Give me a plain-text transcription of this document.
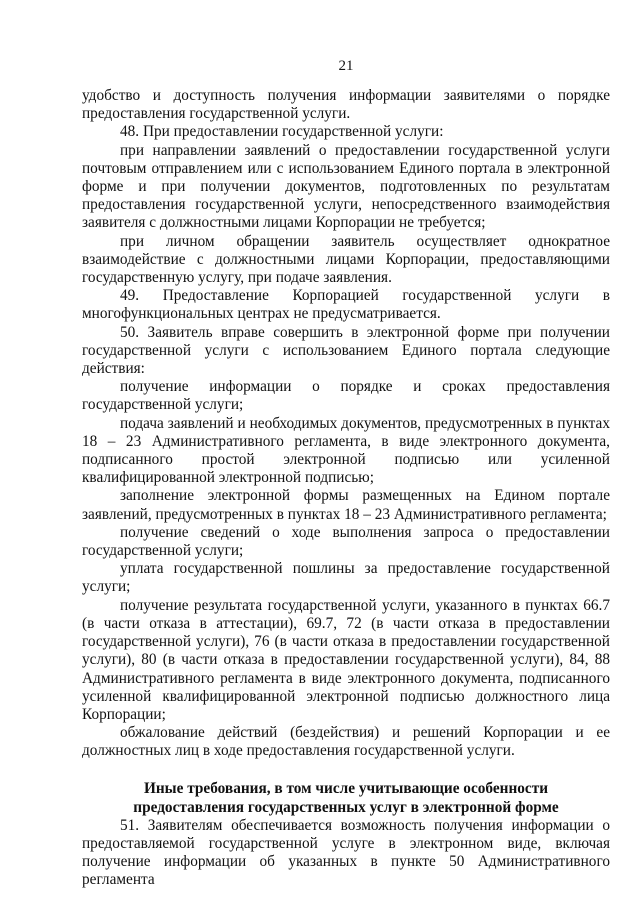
21

удобство и доступность получения информации заявителями о порядке предоставления государственной услуги.

48. При предоставлении государственной услуги:

при направлении заявлений о предоставлении государственной услуги почтовым отправлением или с использованием Единого портала в электронной форме и при получении документов, подготовленных по результатам предоставления государственной услуги, непосредственного взаимодействия заявителя с должностными лицами Корпорации не требуется;

при личном обращении заявитель осуществляет однократное взаимодействие с должностными лицами Корпорации, предоставляющими государственную услугу, при подаче заявления.

49. Предоставление Корпорацией государственной услуги в многофункциональных центрах не предусматривается.

50. Заявитель вправе совершить в электронной форме при получении государственной услуги с использованием Единого портала следующие действия:

получение информации о порядке и сроках предоставления государственной услуги;

подача заявлений и необходимых документов, предусмотренных в пунктах 18 – 23 Административного регламента, в виде электронного документа, подписанного простой электронной подписью или усиленной квалифицированной электронной подписью;

заполнение электронной формы размещенных на Едином портале заявлений, предусмотренных в пунктах 18 – 23 Административного регламента;

получение сведений о ходе выполнения запроса о предоставлении государственной услуги;

уплата государственной пошлины за предоставление государственной услуги;

получение результата государственной услуги, указанного в пунктах 66.7 (в части отказа в аттестации), 69.7, 72 (в части отказа в предоставлении государственной услуги), 76 (в части отказа в предоставлении государственной услуги), 80 (в части отказа в предоставлении государственной услуги), 84, 88 Административного регламента в виде электронного документа, подписанного усиленной квалифицированной электронной подписью должностного лица Корпорации;

обжалование действий (бездействия) и решений Корпорации и ее должностных лиц в ходе предоставления государственной услуги.

Иные требования, в том числе учитывающие особенности
предоставления государственных услуг в электронной форме

51. Заявителям обеспечивается возможность получения информации о предоставляемой государственной услуге в электронном виде, включая получение информации об указанных в пункте 50 Административного регламента
